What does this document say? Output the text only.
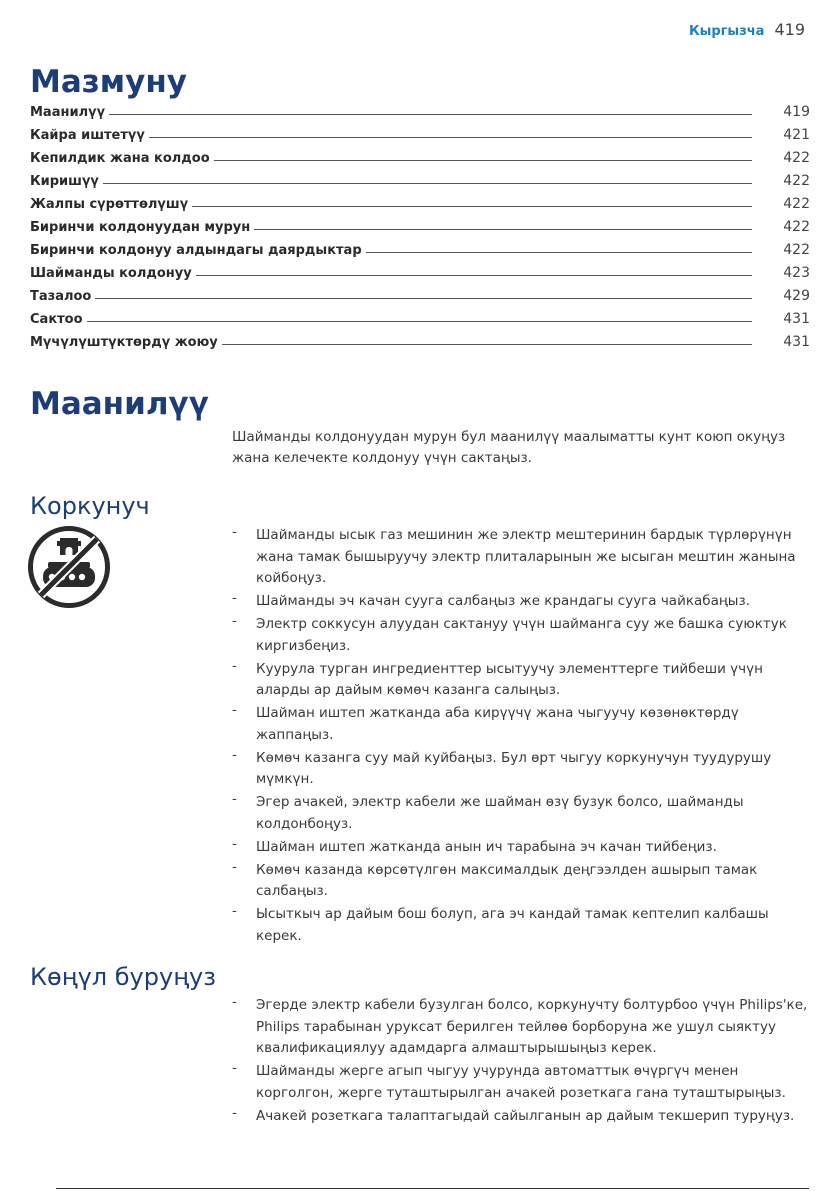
Кыргызча 419
Мазмуну
Маанилүү	419
Кайра иштетүү	421
Кепилдик жана колдоо	422
Киришүү	422
Жалпы сүрөттөлүшү	422
Биринчи колдонуудан мурун	422
Биринчи колдонуу алдындагы даярдыктар	422
Шайманды колдонуу	423
Тазалоо	429
Сактоо	431
Мүчүлүштүктөрдү жоюу	431
Маанилүү
Шайманды колдонуудан мурун бул маанилүү маалыматты кунт коюп окуңуз жана келечекте колдонуу үчүн сактаңыз.
Коркунуч
- Шайманды ысык газ мешинин же электр мештеринин бардык түрлөрүнүн жана тамак бышыруучу электр плиталарынын же ысыган мештин жанына койбоңуз.
- Шайманды эч качан сууга салбаңыз же крандагы сууга чайкабаңыз.
- Электр соккусун алуудан сактануу үчүн шайманга суу же башка суюктук киргизбеңиз.
- Куурула турган ингредиенттер ысытуучу элементтерге тийбеши үчүн аларды ар дайым көмөч казанга салыңыз.
- Шайман иштеп жатканда аба кирүүчү жана чыгуучу көзөнөктөрдү жаппаңыз.
- Көмөч казанга суу май куйбаңыз. Бул өрт чыгуу коркунучун туудурушу мүмкүн.
- Эгер ачакей, электр кабели же шайман өзү бузук болсо, шайманды колдонбоңуз.
- Шайман иштеп жатканда анын ич тарабына эч качан тийбеңиз.
- Көмөч казанда көрсөтүлгөн максималдык деңгээлден ашырып тамак салбаңыз.
- Ысыткыч ар дайым бош болуп, ага эч кандай тамак кептелип калбашы керек.
Көңүл буруңуз
- Эгерде электр кабели бузулган болсо, коркунучту болтурбоо үчүн Philips'ке, Philips тарабынан уруксат берилген тейлөө борборуна же ушул сыяктуу квалификациялуу адамдарга алмаштырышыңыз керек.
- Шайманды жерге агып чыгуу учурунда автоматтык өчүргүч менен корголгон, жерге туташтырылган ачакей розеткага гана туташтырыңыз.
- Ачакей розеткага талаптагыдай сайылганын ар дайым текшерип туруңуз.
